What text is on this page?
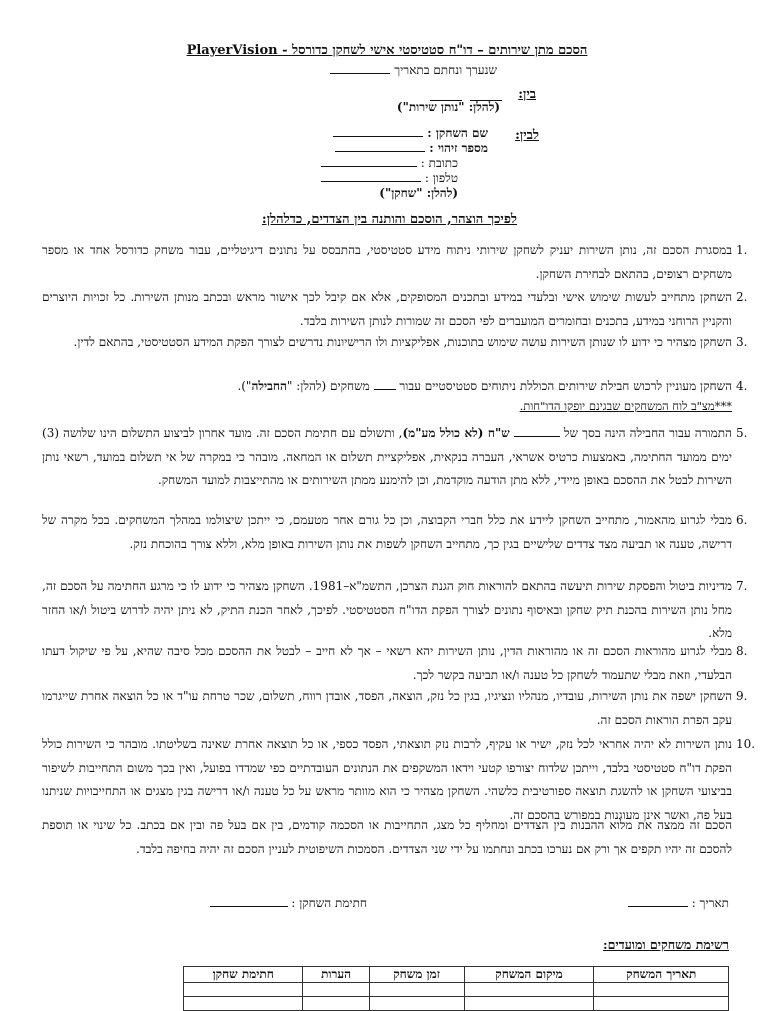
הסכם מתן שירותים – דו"ח סטטיסטי אישי לשחקן כדורסל - PlayerVision
שנערך ונחתם בתאריך
בין:
(להלן: "נותן שירות")
לבין:
שם השחקן :
מספר זיהוי :
כתובת :
טלפון :
(להלן: "שחקן")
לפיכך הוצהר, הוסכם והותנה בין הצדדים, כדלהלן:
1.
במסגרת הסכם זה, נותן השירות יעניק לשחקן שירותי ניתוח מידע סטטיסטי, בהתבסס על נתונים דיגיטליים, עבור משחק כדורסל אחד או מספר משחקים רצופים, בהתאם לבחירת השחקן.
2.
השחקן מתחייב לעשות שימוש אישי ובלעדי במידע ובתכנים המסופקים, אלא אם קיבל לכך אישור מראש ובכתב מנותן השירות. כל זכויות היוצרים והקניין הרוחני במידע, בתכנים ובחומרים המועברים לפי הסכם זה שמורות לנותן השירות בלבד.
3.
השחקן מצהיר כי ידוע לו שנותן השירות עושה שימוש בתוכנות, אפליקציות ולו הרישיונות נדרשים לצורך הפקת המידע הסטטיסטי, בהתאם לדין.
4.
השחקן מעוניין לרכוש חבילת שירותים הכוללת ניתוחים סטטיסטיים עבור  משחקים (להלן: "החבילה").
***מצ"ב לוח המשחקים שבגינם יופקו הדו"חות.
5.
התמורה עבור החבילה הינה בסך של  ש"ח (לא כולל מע"מ), ותשולם עם חתימת הסכם זה. מועד אחרון לביצוע התשלום הינו שלושה (3) ימים ממועד החתימה, באמצעות כרטיס אשראי, העברה בנקאית, אפליקציית תשלום או המחאה. מובהר כי במקרה של אי תשלום במועד, רשאי נותן השירות לבטל את ההסכם באופן מיידי, ללא מתן הודעה מוקדמת, וכן להימנע ממתן השירותים או מהתייצבות למועד המשחק.
6.
מבלי לגרוע מהאמור, מתחייב השחקן ליידע את כלל חברי הקבוצה, וכן כל גורם אחר מטעמם, כי ייתכן שיצולמו במהלך המשחקים. בכל מקרה של דרישה, טענה או תביעה מצד צדדים שלישיים בגין כך, מתחייב השחקן לשפות את נותן השירות באופן מלא, וללא צורך בהוכחת נזק.
7.
מדיניות ביטול והפסקת שירות תיעשה בהתאם להוראות חוק הגנת הצרכן, התשמ"א–1981. השחקן מצהיר כי ידוע לו כי מרגע החתימה על הסכם זה, מחל נותן השירות בהכנת תיק שחקן ובאיסוף נתונים לצורך הפקת הדו"ח הסטטיסטי. לפיכך, לאחר הכנת התיק, לא ניתן יהיה לדרוש ביטול ו/או החזר מלא.
8.
מבלי לגרוע מהוראות הסכם זה או מהוראות הדין, נותן השירות יהא רשאי – אך לא חייב – לבטל את ההסכם מכל סיבה שהיא, על פי שיקול דעתו הבלעדי, וזאת מבלי שתעמוד לשחקן כל טענה ו/או תביעה בקשר לכך.
9.
השחקן ישפה את נותן השירות, עובדיו, מנהליו ונציגיו, בגין כל נזק, הוצאה, הפסד, אובדן רווח, תשלום, שכר טרחת עו"ד או כל הוצאה אחרת שייגרמו עקב הפרת הוראות הסכם זה.
10.
נותן השירות לא יהיה אחראי לכל נזק, ישיר או עקיף, לרבות נזק תוצאתי, הפסד כספי, או כל תוצאה אחרת שאינה בשליטתו. מובהר כי השירות כולל הפקת דו"ח סטטיסטי בלבד, וייתכן שלדוח יצורפו קטעי וידאו המשקפים את הנתונים העובדתיים כפי שמדדו בפועל, ואין בכך משום התחייבות לשיפור בביצועי השחקן או להשגת תוצאה ספורטיבית כלשהי. השחקן מצהיר כי הוא מוותר מראש על כל טענה ו/או דרישה בגין מצגים או התחייבויות שניתנו בעל פה, ואשר אינן מעוגנות במפורש בהסכם זה.
הסכם זה ממצה את מלוא ההבנות בין הצדדים ומחליף כל מצג, התחייבות או הסכמה קודמים, בין אם בעל פה ובין אם בכתב. כל שינוי או תוספת להסכם זה יהיו תקפים אך ורק אם נערכו בכתב ונחתמו על ידי שני הצדדים. הסמכות השיפוטית לעניין הסכם זה יהיה בחיפה בלבד.
תאריך :
חתימת השחקן :
רשימת משחקים ומועדים:
תאריך המשחק	מיקום המשחק	זמן משחק	הערות	חתימת שחקן
